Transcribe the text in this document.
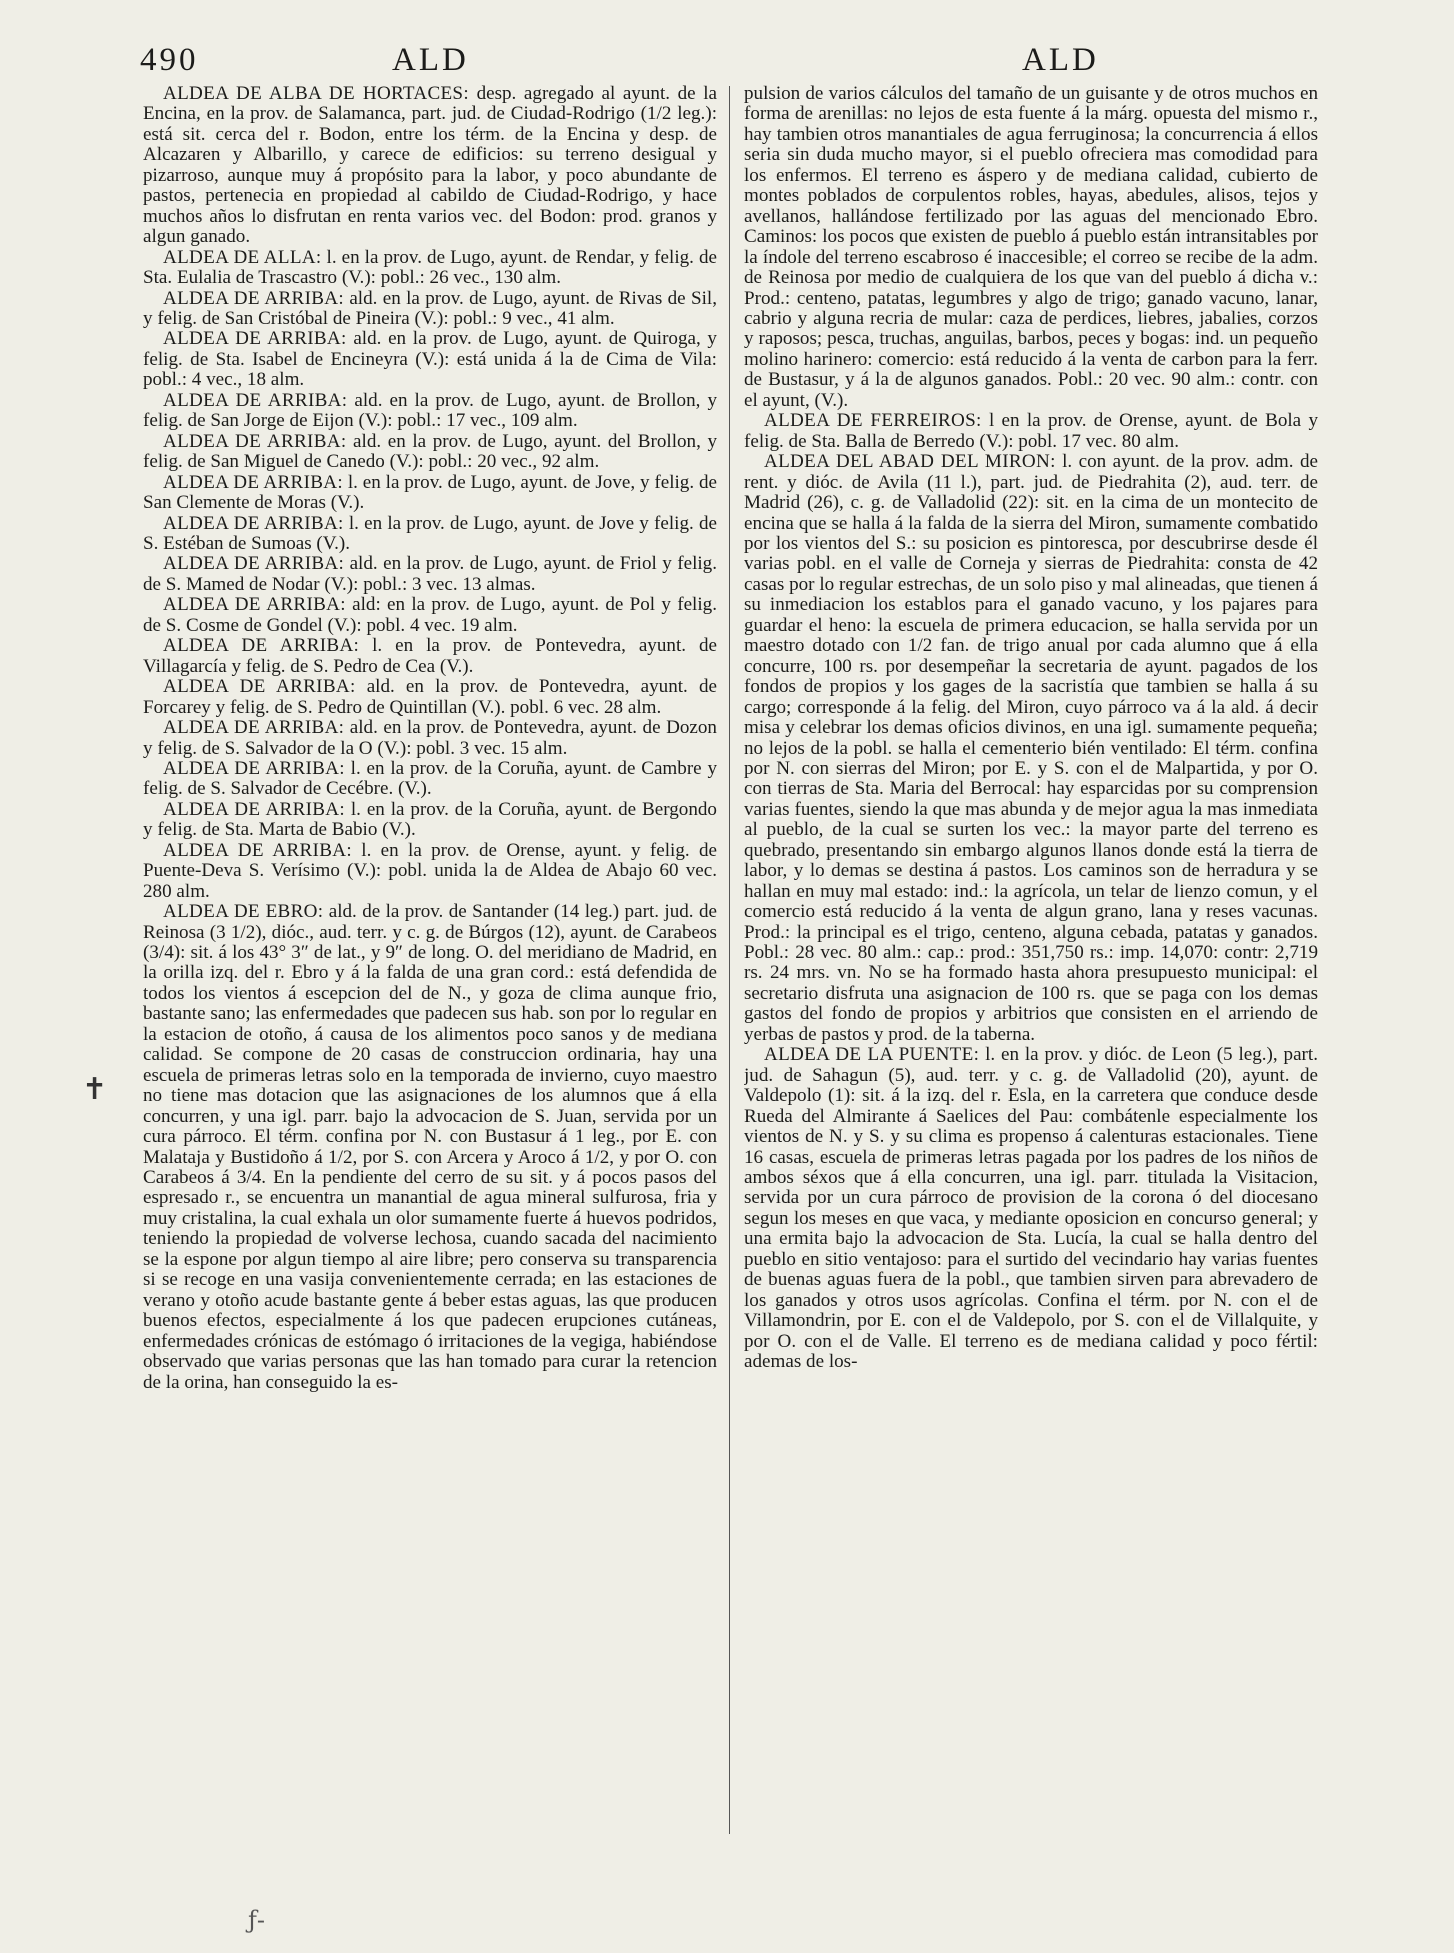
490	ALD	ALD

ALDEA DE ALBA DE HORTACES: desp. agregado al ayunt. de la Encina, en la prov. de Salamanca, part. jud. de Ciudad-Rodrigo (1/2 leg.): está sit. cerca del r. Bodon, entre los térm. de la Encina y desp. de Alcazaren y Albarillo, y carece de edificios: su terreno desigual y pizarroso, aunque muy á propósito para la labor, y poco abundante de pastos, pertenecia en propiedad al cabildo de Ciudad-Rodrigo, y hace muchos años lo disfrutan en renta varios vec. del Bodon: prod. granos y algun ganado.

ALDEA DE ALLA: l. en la prov. de Lugo, ayunt. de Rendar, y felig. de Sta. Eulalia de Trascastro (V.): pobl.: 26 vec., 130 alm.

ALDEA DE ARRIBA: ald. en la prov. de Lugo, ayunt. de Rivas de Sil, y felig. de San Cristóbal de Pineira (V.): pobl.: 9 vec., 41 alm.

ALDEA DE ARRIBA: ald. en la prov. de Lugo, ayunt. de Quiroga, y felig. de Sta. Isabel de Encineyra (V.): está unida á la de Cima de Vila: pobl.: 4 vec., 18 alm.

ALDEA DE ARRIBA: ald. en la prov. de Lugo, ayunt. de Brollon, y felig. de San Jorge de Eijon (V.): pobl.: 17 vec., 109 alm.

ALDEA DE ARRIBA: ald. en la prov. de Lugo, ayunt. del Brollon, y felig. de San Miguel de Canedo (V.): pobl.: 20 vec., 92 alm.

ALDEA DE ARRIBA: l. en la prov. de Lugo, ayunt. de Jove, y felig. de San Clemente de Moras (V.).

ALDEA DE ARRIBA: l. en la prov. de Lugo, ayunt. de Jove y felig. de S. Estéban de Sumoas (V.).

ALDEA DE ARRIBA: ald. en la prov. de Lugo, ayunt. de Friol y felig. de S. Mamed de Nodar (V.): pobl.: 3 vec. 13 almas.

ALDEA DE ARRIBA: ald: en la prov. de Lugo, ayunt. de Pol y felig. de S. Cosme de Gondel (V.): pobl. 4 vec. 19 alm.

ALDEA DE ARRIBA: l. en la prov. de Pontevedra, ayunt. de Villagarcía y felig. de S. Pedro de Cea (V.).

ALDEA DE ARRIBA: ald. en la prov. de Pontevedra, ayunt. de Forcarey y felig. de S. Pedro de Quintillan (V.). pobl. 6 vec. 28 alm.

ALDEA DE ARRIBA: ald. en la prov. de Pontevedra, ayunt. de Dozon y felig. de S. Salvador de la O (V.): pobl. 3 vec. 15 alm.

ALDEA DE ARRIBA: l. en la prov. de la Coruña, ayunt. de Cambre y felig. de S. Salvador de Cecébre. (V.).

ALDEA DE ARRIBA: l. en la prov. de la Coruña, ayunt. de Bergondo y felig. de Sta. Marta de Babio (V.).

ALDEA DE ARRIBA: l. en la prov. de Orense, ayunt. y felig. de Puente-Deva S. Verísimo (V.): pobl. unida la de Aldea de Abajo 60 vec. 280 alm.

ALDEA DE EBRO: ald. de la prov. de Santander (14 leg.) part. jud. de Reinosa (3 1/2), dióc., aud. terr. y c. g. de Búrgos (12), ayunt. de Carabeos (3/4): sit. á los 43° 3″ de lat., y 9″ de long. O. del meridiano de Madrid, en la orilla izq. del r. Ebro y á la falda de una gran cord.: está defendida de todos los vientos á escepcion del de N., y goza de clima aunque frio, bastante sano; las enfermedades que padecen sus hab. son por lo regular en la estacion de otoño, á causa de los alimentos poco sanos y de mediana calidad. Se compone de 20 casas de construccion ordinaria, hay una escuela de primeras letras solo en la temporada de invierno, cuyo maestro no tiene mas dotacion que las asignaciones de los alumnos que á ella concurren, y una igl. parr. bajo la advocacion de S. Juan, servida por un cura párroco. El térm. confina por N. con Bustasur á 1 leg., por E. con Malataja y Bustidoño á 1/2, por S. con Arcera y Aroco á 1/2, y por O. con Carabeos á 3/4. En la pendiente del cerro de su sit. y á pocos pasos del espresado r., se encuentra un manantial de agua mineral sulfurosa, fria y muy cristalina, la cual exhala un olor sumamente fuerte á huevos podridos, teniendo la propiedad de volverse lechosa, cuando sacada del nacimiento se la espone por algun tiempo al aire libre; pero conserva su transparencia si se recoge en una vasija convenientemente cerrada; en las estaciones de verano y otoño acude bastante gente á beber estas aguas, las que producen buenos efectos, especialmente á los que padecen erupciones cutáneas, enfermedades crónicas de estómago ó irritaciones de la vegiga, habiéndose observado que varias personas que las han tomado para curar la retencion de la orina, han conseguido la es-

pulsion de varios cálculos del tamaño de un guisante y de otros muchos en forma de arenillas: no lejos de esta fuente á la márg. opuesta del mismo r., hay tambien otros manantiales de agua ferruginosa; la concurrencia á ellos seria sin duda mucho mayor, si el pueblo ofreciera mas comodidad para los enfermos. El terreno es áspero y de mediana calidad, cubierto de montes poblados de corpulentos robles, hayas, abedules, alisos, tejos y avellanos, hallándose fertilizado por las aguas del mencionado Ebro. Caminos: los pocos que existen de pueblo á pueblo están intransitables por la índole del terreno escabroso é inaccesible; el correo se recibe de la adm. de Reinosa por medio de cualquiera de los que van del pueblo á dicha v.: Prod.: centeno, patatas, legumbres y algo de trigo; ganado vacuno, lanar, cabrio y alguna recria de mular: caza de perdices, liebres, jabalies, corzos y raposos; pesca, truchas, anguilas, barbos, peces y bogas: ind. un pequeño molino harinero: comercio: está reducido á la venta de carbon para la ferr. de Bustasur, y á la de algunos ganados. Pobl.: 20 vec. 90 alm.: contr. con el ayunt, (V.).

ALDEA DE FERREIROS: l en la prov. de Orense, ayunt. de Bola y felig. de Sta. Balla de Berredo (V.): pobl. 17 vec. 80 alm.

ALDEA DEL ABAD DEL MIRON: l. con ayunt. de la prov. adm. de rent. y dióc. de Avila (11 l.), part. jud. de Piedrahita (2), aud. terr. de Madrid (26), c. g. de Valladolid (22): sit. en la cima de un montecito de encina que se halla á la falda de la sierra del Miron, sumamente combatido por los vientos del S.: su posicion es pintoresca, por descubrirse desde él varias pobl. en el valle de Corneja y sierras de Piedrahita: consta de 42 casas por lo regular estrechas, de un solo piso y mal alineadas, que tienen á su inmediacion los establos para el ganado vacuno, y los pajares para guardar el heno: la escuela de primera educacion, se halla servida por un maestro dotado con 1/2 fan. de trigo anual por cada alumno que á ella concurre, 100 rs. por desempeñar la secretaria de ayunt. pagados de los fondos de propios y los gages de la sacristía que tambien se halla á su cargo; corresponde á la felig. del Miron, cuyo párroco va á la ald. á decir misa y celebrar los demas oficios divinos, en una igl. sumamente pequeña; no lejos de la pobl. se halla el cementerio bién ventilado: El térm. confina por N. con sierras del Miron; por E. y S. con el de Malpartida, y por O. con tierras de Sta. Maria del Berrocal: hay esparcidas por su comprension varias fuentes, siendo la que mas abunda y de mejor agua la mas inmediata al pueblo, de la cual se surten los vec.: la mayor parte del terreno es quebrado, presentando sin embargo algunos llanos donde está la tierra de labor, y lo demas se destina á pastos. Los caminos son de herradura y se hallan en muy mal estado: ind.: la agrícola, un telar de lienzo comun, y el comercio está reducido á la venta de algun grano, lana y reses vacunas. Prod.: la principal es el trigo, centeno, alguna cebada, patatas y ganados. Pobl.: 28 vec. 80 alm.: cap.: prod.: 351,750 rs.: imp. 14,070: contr: 2,719 rs. 24 mrs. vn. No se ha formado hasta ahora presupuesto municipal: el secretario disfruta una asignacion de 100 rs. que se paga con los demas gastos del fondo de propios y arbitrios que consisten en el arriendo de yerbas de pastos y prod. de la taberna.

ALDEA DE LA PUENTE: l. en la prov. y dióc. de Leon (5 leg.), part. jud. de Sahagun (5), aud. terr. y c. g. de Valladolid (20), ayunt. de Valdepolo (1): sit. á la izq. del r. Esla, en la carretera que conduce desde Rueda del Almirante á Saelices del Pau: combátenle especialmente los vientos de N. y S. y su clima es propenso á calenturas estacionales. Tiene 16 casas, escuela de primeras letras pagada por los padres de los niños de ambos séxos que á ella concurren, una igl. parr. titulada la Visitacion, servida por un cura párroco de provision de la corona ó del diocesano segun los meses en que vaca, y mediante oposicion en concurso general; y una ermita bajo la advocacion de Sta. Lucía, la cual se halla dentro del pueblo en sitio ventajoso: para el surtido del vecindario hay varias fuentes de buenas aguas fuera de la pobl., que tambien sirven para abrevadero de los ganados y otros usos agrícolas. Confina el térm. por N. con el de Villamondrin, por E. con el de Valdepolo, por S. con el de Villalquite, y por O. con el de Valle. El terreno es de mediana calidad y poco fértil: ademas de los-

✝
ƒ-
